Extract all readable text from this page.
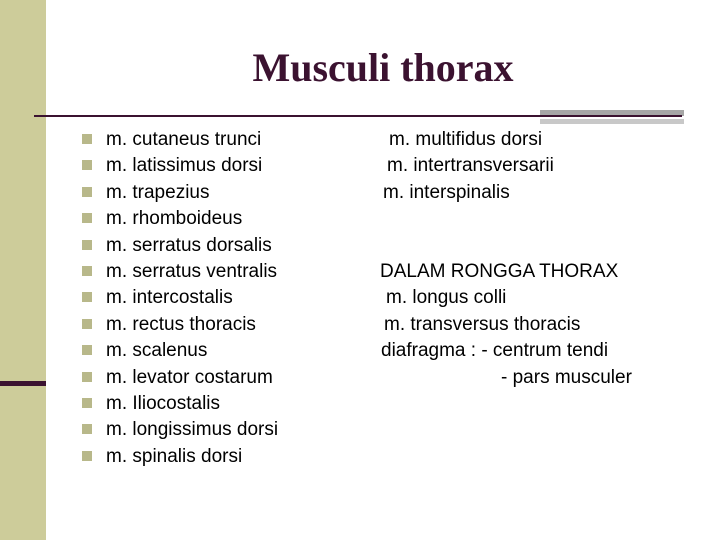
Musculi thorax
m. cutaneus trunci
m. latissimus dorsi
m. trapezius
m. rhomboideus
m. serratus dorsalis
m. serratus ventralis
m. intercostalis
m. rectus thoracis
m. scalenus
m. levator costarum
m. Iliocostalis
m. longissimus dorsi
m. spinalis dorsi
m. multifidus dorsi
m. intertransversarii
m. interspinalis
DALAM RONGGA THORAX
m. longus colli
m. transversus thoracis
diafragma : - centrum tendi
- pars musculer
